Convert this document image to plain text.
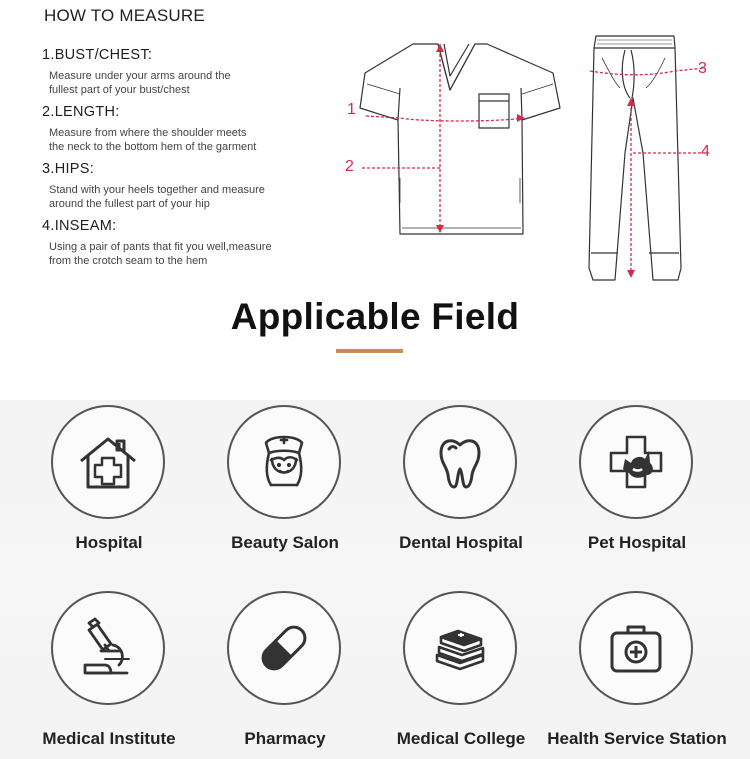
HOW TO MEASURE
1.BUST/CHEST:
Measure under your arms around the
fullest part of your bust/chest
2.LENGTH:
Measure from where the shoulder meets
the neck to the bottom hem of the garment
3.HIPS:
Stand with your heels together and measure
around the fullest part of your hip
4.INSEAM:
Using a pair of pants that fit you well,measure
from the crotch seam to the hem
1
2
3
4
Applicable Field
Hospital	Beauty Salon	Dental Hospital	Pet Hospital
Medical Institute	Pharmacy	Medical College	Health Service Station
